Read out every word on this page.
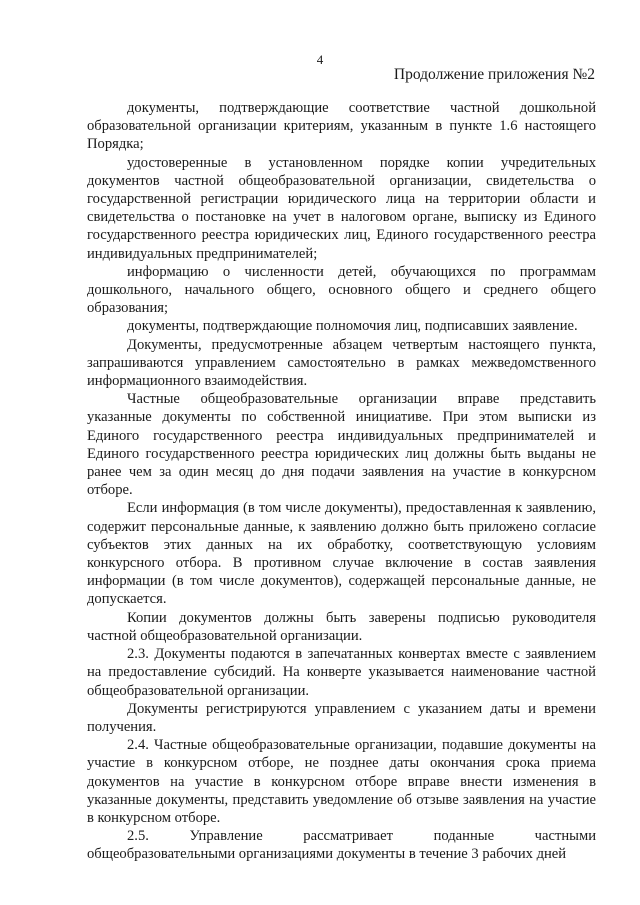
4
Продолжение приложения №2

документы, подтверждающие соответствие частной дошкольной образовательной организации критериям, указанным в пункте 1.6 настоящего Порядка;

удостоверенные в установленном порядке копии учредительных документов частной общеобразовательной организации, свидетельства о государственной регистрации юридического лица на территории области и свидетельства о постановке на учет в налоговом органе, выписку из Единого государственного реестра юридических лиц, Единого государственного реестра индивидуальных предпринимателей;

информацию о численности детей, обучающихся по программам дошкольного, начального общего, основного общего и среднего общего образования;

документы, подтверждающие полномочия лиц, подписавших заявление.

Документы, предусмотренные абзацем четвертым настоящего пункта, запрашиваются управлением самостоятельно в рамках межведомственного информационного взаимодействия.

Частные общеобразовательные организации вправе представить указанные документы по собственной инициативе. При этом выписки из Единого государственного реестра индивидуальных предпринимателей и Единого государственного реестра юридических лиц должны быть выданы не ранее чем за один месяц до дня подачи заявления на участие в конкурсном отборе.

Если информация (в том числе документы), предоставленная к заявлению, содержит персональные данные, к заявлению должно быть приложено согласие субъектов этих данных на их обработку, соответствующую условиям конкурсного отбора. В противном случае включение в состав заявления информации (в том числе документов), содержащей персональные данные, не допускается.

Копии документов должны быть заверены подписью руководителя частной общеобразовательной организации.

2.3. Документы подаются в запечатанных конвертах вместе с заявлением на предоставление субсидий. На конверте указывается наименование частной общеобразовательной организации.

Документы регистрируются управлением с указанием даты и времени получения.

2.4. Частные общеобразовательные организации, подавшие документы на участие в конкурсном отборе, не позднее даты окончания срока приема документов на участие в конкурсном отборе вправе внести изменения в указанные документы, представить уведомление об отзыве заявления на участие в конкурсном отборе.

2.5. Управление рассматривает поданные частными общеобразовательными организациями документы в течение 3 рабочих дней
